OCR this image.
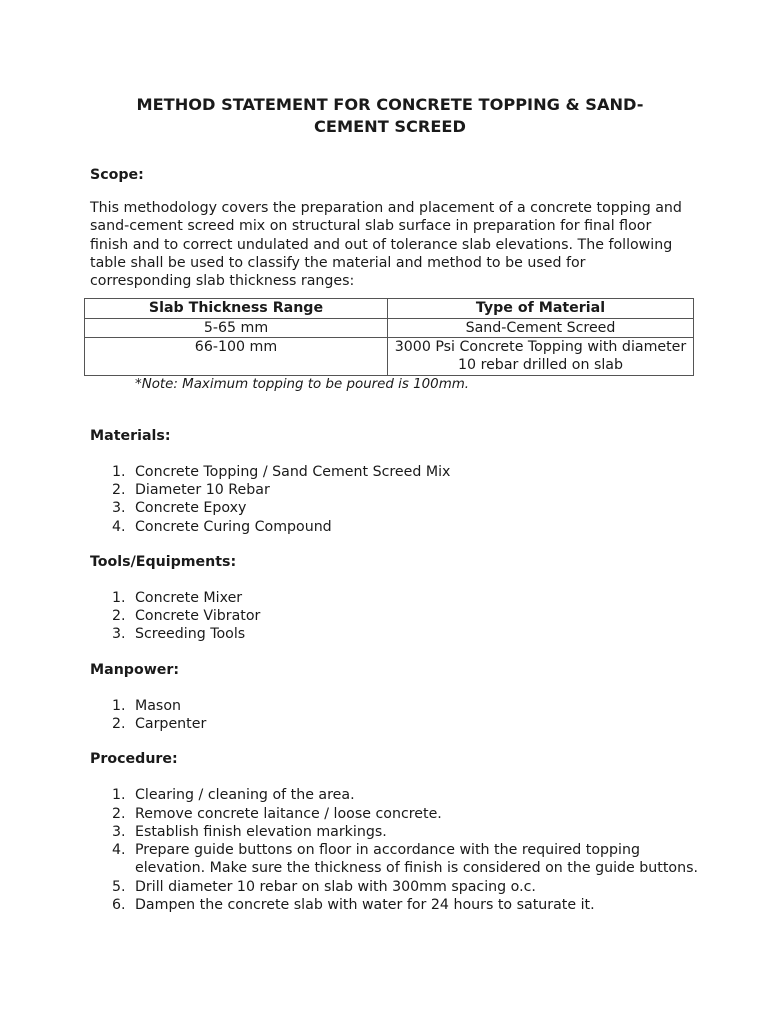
METHOD STATEMENT FOR CONCRETE TOPPING & SAND-
CEMENT SCREED

Scope:

This methodology covers the preparation and placement of a concrete topping and sand-cement screed mix on structural slab surface in preparation for final floor finish and to correct undulated and out of tolerance slab elevations. The following table shall be used to classify the material and method to be used for corresponding slab thickness ranges:

Slab Thickness Range	Type of Material
5-65 mm	Sand-Cement Screed
66-100 mm	3000 Psi Concrete Topping with diameter 10 rebar drilled on slab

*Note: Maximum topping to be poured is 100mm.

Materials:

1. Concrete Topping / Sand Cement Screed Mix
2. Diameter 10 Rebar
3. Concrete Epoxy
4. Concrete Curing Compound

Tools/Equipments:

1. Concrete Mixer
2. Concrete Vibrator
3. Screeding Tools

Manpower:

1. Mason
2. Carpenter

Procedure:

1. Clearing / cleaning of the area.
2. Remove concrete laitance / loose concrete.
3. Establish finish elevation markings.
4. Prepare guide buttons on floor in accordance with the required topping elevation. Make sure the thickness of finish is considered on the guide buttons.
5. Drill diameter 10 rebar on slab with 300mm spacing o.c.
6. Dampen the concrete slab with water for 24 hours to saturate it.
